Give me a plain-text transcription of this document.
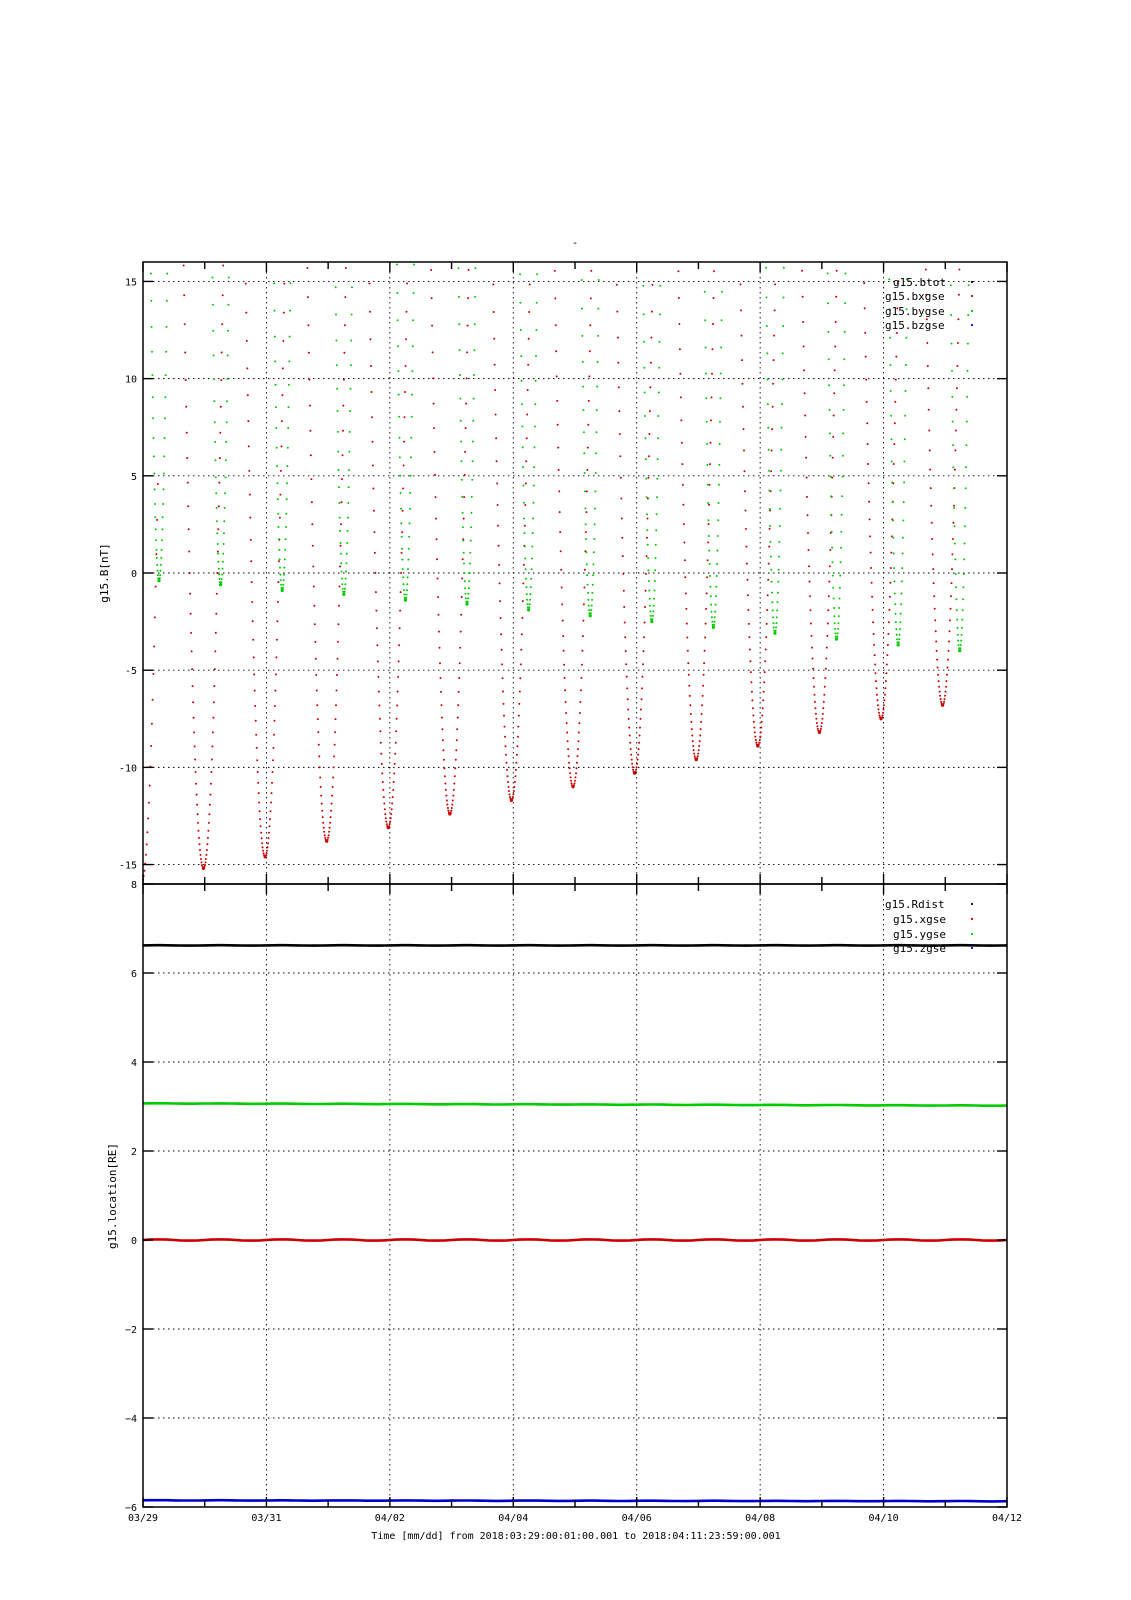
-
15
10
5
0
-5
-10
-15
g15.B[nT]
g15.btot
g15.bxgse
g15.bygse
g15.bzgse
8
6
4
2
0
−2
−4
−6
g15.location[RE]
g15.Rdist
g15.xgse
g15.ygse
g15.zgse
03/29	03/31	04/02	04/04	04/06	04/08	04/10	04/12
Time [mm/dd] from 2018:03:29:00:01:00.001 to 2018:04:11:23:59:00.001
